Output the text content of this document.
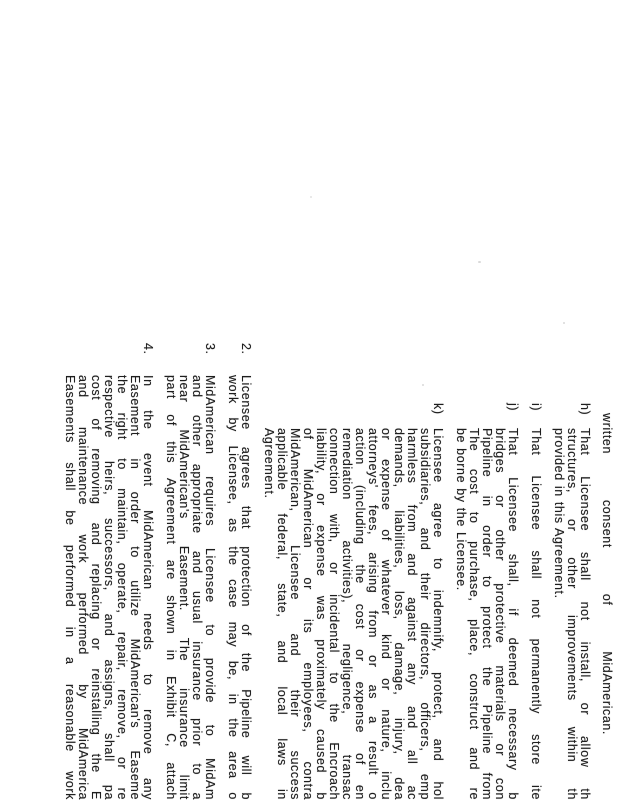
written consent of MidAmerican.
h)
That Licensee shall not install, or allow th
structures, or other improvements within th
provided in this Agreement.
i)
That Licensee shall not permanently store ite
j)
That Licensee shall, if deemed necessary b
bridges or other protective materials or con
Pipeline in order to protect the Pipeline from
The cost to purchase, place, construct and re
be borne by the Licensee.
k)
Licensee agree to indemnify, protect, and hol
subsidiaries, and their directors, officers, emp
harmless from and against any and all ac
demands, liabilities, loss, damage, injury, dea
or expense of whatever kind or nature, inclu
attorneys' fees, arising from or as a result o
action (including the cost or expense of en
remediation activities), negligence, transac
connection with, or incidental to the Encroach
liability, or expense was proximately caused b
of MidAmerican or its employees, contra
MidAmerican, Licensee and their success
applicable federal, state, and local laws in
Agreement.
2.
Licensee agrees that protection of the Pipeline will b
work by Licensee, as the case may be, in the area o
3.
MidAmerican requires Licensee to provide to MidAm
and other appropriate and usual insurance prior to a
near MidAmerican's Easement. The insurance limit
part of this Agreement are shown in Exhibit C, attach
4.
In the event MidAmerican needs to remove any
Easement in order to utilize MidAmerican's Easeme
the right to maintain, operate, repair, remove, or re
respective heirs, successors, and assigns, shall pa
cost of removing and replacing or reinstalling the E
and maintenance work performed by MidAmerica
Easements shall be performed in a reasonable work
